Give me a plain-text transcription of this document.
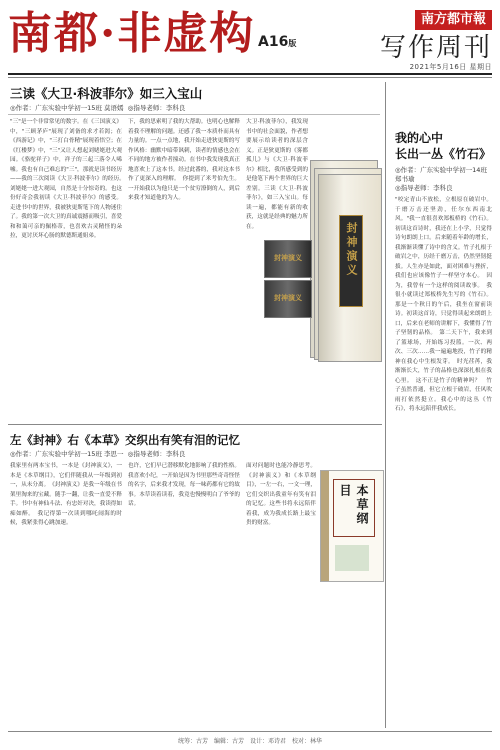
南都·非虚构 A16版
南方都市報
写作周刊
2021年5月16日 星期日
三读《大卫·科波菲尔》如三入宝山
◎作者：广东实验中学初一15班 莫语嫣 ◎指导老师：李科良
"三"是一个非常常见的数字。在《三国演义》中，"三顾茅庐"展现了刘备的求才若渴；在《西游记》中，"三打白骨精"展现着悟空；在《红楼梦》中，"三"又让人想起刘姥姥进大观园。《骆驼祥子》中，祥子的三起三落令人唏嘘。我也有自己难忘的"三"，那就是读书经历——我的三次阅读《大卫·科波菲尔》的经历。　刘姥姥一进大观园，自然是十分惊奇的。也这份好奇会我初读《大卫·科波菲尔》的感受。走进书中的世界，我被狄更斯笔下的人物迷住了。我的第一次大卫的真诚震撼而吸引，喜爱和和蔼可亲的佩格蒂，也喜欢古灵精怪的朵拉，更讨厌坏心肠的默德斯通姐弟。
下，我的思索明了我的大帮助。也明心也解释着我不理解的问题。还感了我一本质朴而具有力量的。一点一点地，我开始走进狄更斯的写作风格：幽默中暗带讽刺，读者的情感也会在不同的地方被作者撞动。在书中我发现我真正地喜欢上了这本书。经过此番的，我对这本书作了更深入的理解。　你提到了米考伯先生。一开始我以为他只是一个贫穷潦倒的人，到后来我才知道他的为人。
大卫·科波菲尔》，我发现书中的社会面貌，作者想要展示给读者的深层含义。正是狄更斯的《雾都孤儿》与《大卫·科波菲尔》相比，我所感受到的是他笔下两个世界的巨大差别。三读《大卫·科波菲尔》，如三入宝山。每读一遍，都能有新的收获，这就是经典的魅力所在。	封神演义
封神演义
封神演义
左《封神》右《本草》交织出有笑有泪的记忆
◎作者：广东实验中学初一15班 李思一 ◎指导老师：李科良
我家里有两本宝书，一本是《封神演义》，一本是《本草纲目》，它们伴随我从一年级到初一，从未分离。　《封神演义》是我一年级在书架里淘来的宝藏。随手一翻，让我一直爱不释手。书中有神仙斗法、有忠奸对决，我读得如痴如醉。　我记得第一次读到哪吒闹海的时候，我紧张得心跳加速。
也许，它们早已潜移默化地影响了我的性格。我喜欢小纪，一开始是因为书里那些奇奇怪怪的名字，后来我才发现，每一味药都有它的故事。本草读着读着，我竟也慢慢明白了爷爷的话。
面对问题时也能冷静思考。《封神演义》和《本草纲目》，一左一右，一文一理，它们交织出我童年有笑有泪的记忆。这些书将永远陪伴着我，成为我成长路上最宝贵的财富。	本草纲目
我的心中
长出一丛《竹石》
◎作者：广东实验中学初一14班 郑书瑜
◎指导老师：李科良
"咬定青山不放松，立根原在破岩中。千磨万击还坚劲，任尔东西南北风。"我一直很喜欢郑板桥的《竹石》。初读这首诗时，我还在上小学，只觉得诗句朗朗上口。后来随着年龄的增长，我渐渐读懂了诗中的含义。竹子扎根于破岩之中，历经千磨万击，仍然坚韧挺拔。人生亦是如此，面对困难与挫折，我们也应该像竹子一样坚守本心。　因为，我曾有一个这样的阅读故事。　我很小就读过郑板桥先生写的《竹石》。那是一个秋日的午后，我坐在窗前读诗。初读这首诗，只觉得读起来朗朗上口，后来在老师的讲解下，我懂得了竹子坚韧的品格。　第二天下午，我来到了篮球场，开始练习投篮。一次、两次、三次……我一遍遍地投，竹子的精神在我心中生根发芽。　时光荏苒，我渐渐长大，竹子的品格也深深扎根在我心里。　这不正是竹子的精神吗？　竹子虽然普通，但它立根于破岩，任风吹雨打依然挺立。我心中的这丛《竹石》，将永远陪伴我成长。
统筹：古芳　编辑：古芳　设计：邓诗君　校对：林华
